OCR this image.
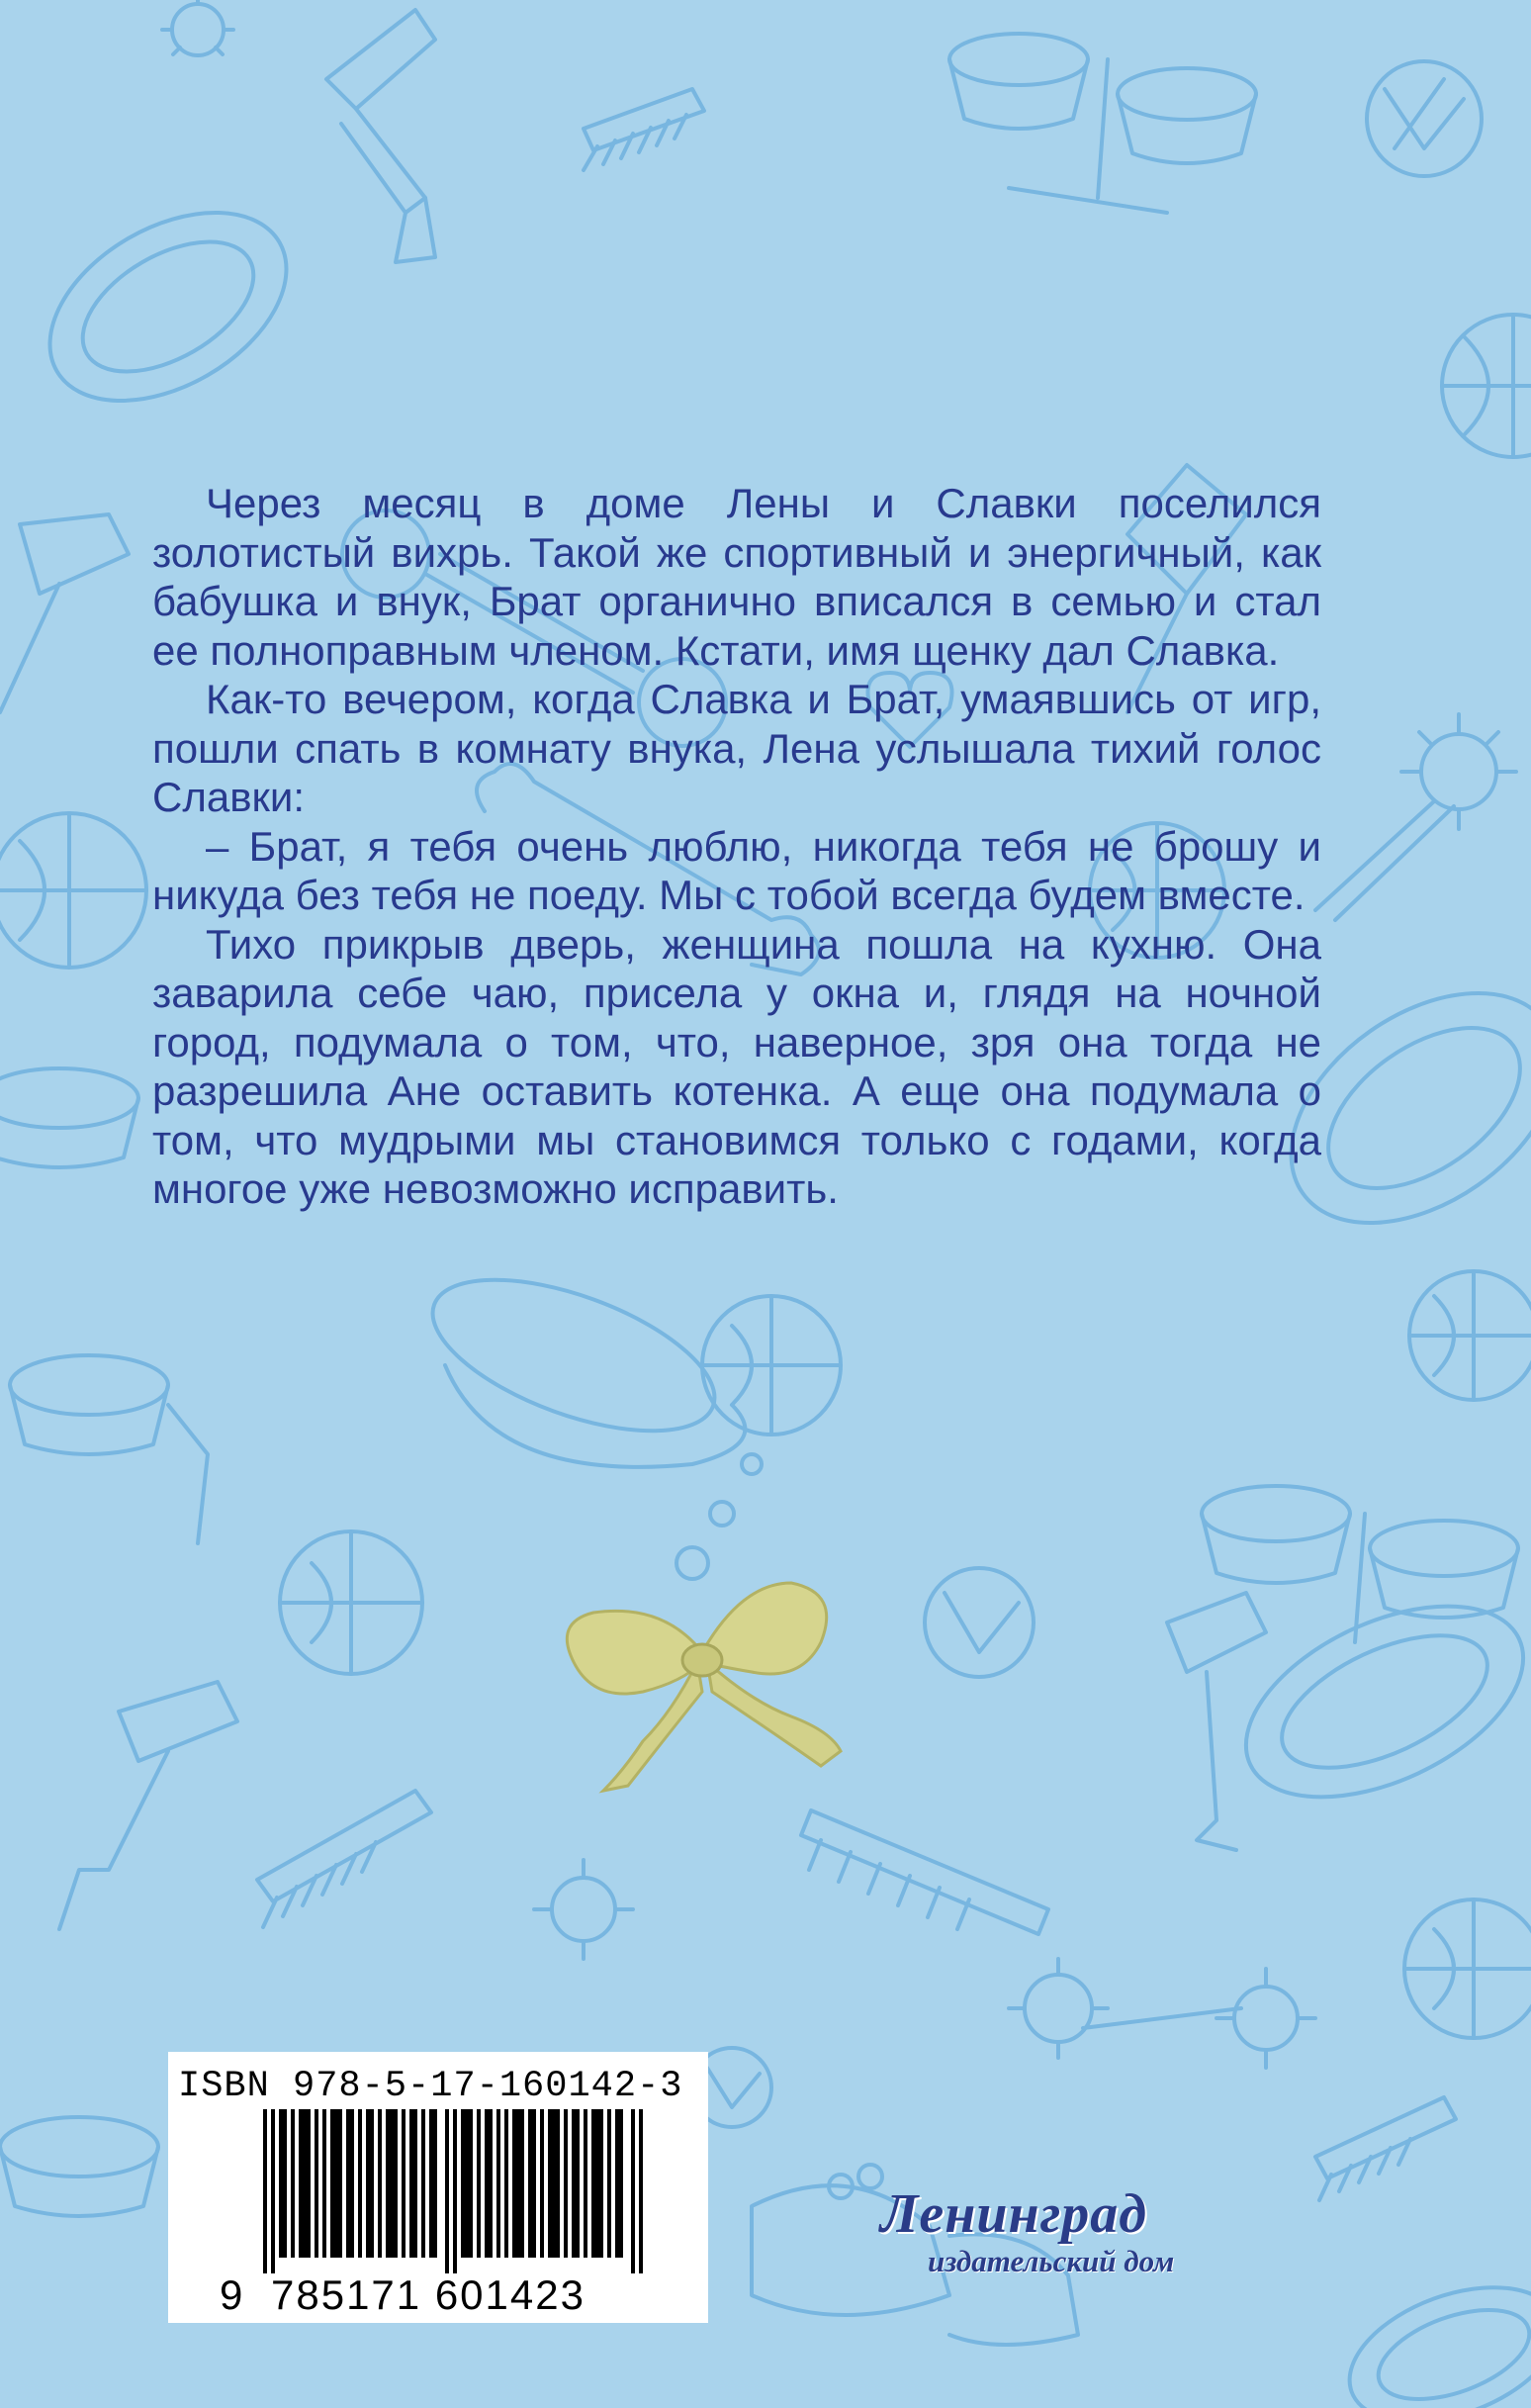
Через месяц в доме Лены и Славки поселился золотистый вихрь. Такой же спортивный и энергичный, как бабушка и внук, Брат органично вписался в семью и стал ее полноправным членом. Кстати, имя щенку дал Славка.

Как-то вечером, когда Славка и Брат, умаявшись от игр, пошли спать в комнату внука, Лена услышала тихий голос Славки:

– Брат, я тебя очень люблю, никогда тебя не брошу и никуда без тебя не поеду. Мы с тобой всегда будем вместе.

Тихо прикрыв дверь, женщина пошла на кухню. Она заварила себе чаю, присела у окна и, глядя на ночной город, подумала о том, что, наверное, зря она тогда не разрешила Ане оставить котенка. А еще она подумала о том, что мудрыми мы становимся только с годами, когда многое уже невозможно исправить.

ISBN 978-5-17-160142-3
9 785171 601423
Ленинград
издательский дом
